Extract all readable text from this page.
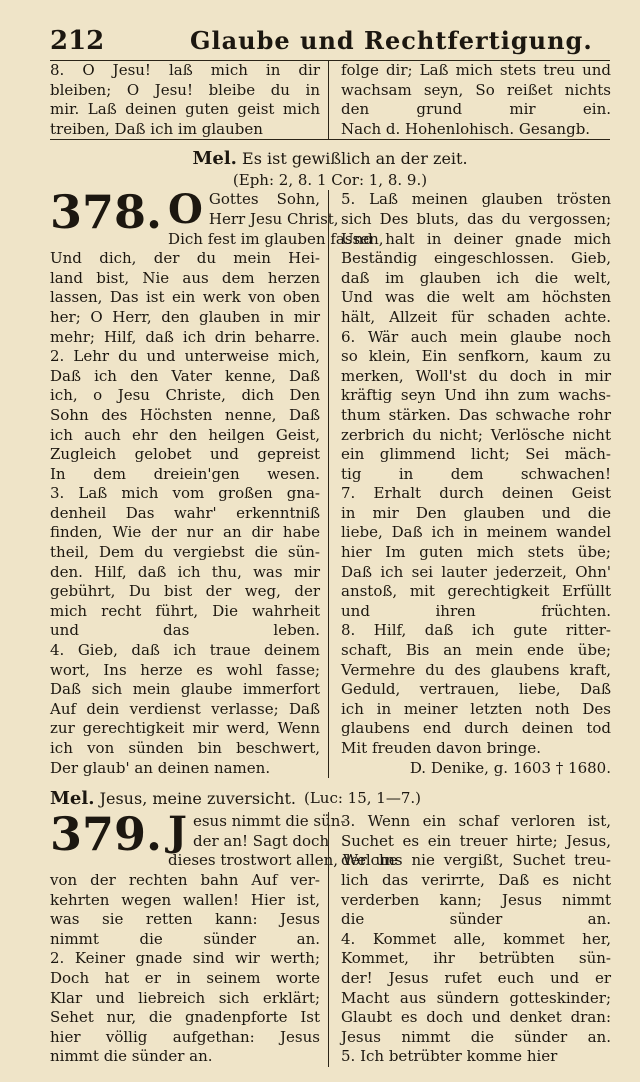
212	Glaube und Rechtfertigung.
8. O Jesu! laß mich in dir
bleiben; O Jesu! bleibe du in
mir. Laß deinen guten geist mich
treiben, Daß ich im glauben
folge dir; Laß mich stets treu und
wachsam seyn, So reißet nichts
den grund mir ein.
Nach d. Hohenlohisch. Gesangb.
Mel. Es ist gewißlich an der zeit.
(Eph: 2, 8. 1 Cor: 1, 8. 9.)
378. O Gottes Sohn,
Herr Jesu Christ,
Dich fest im glauben fassen,
Und dich, der du mein Hei-
land bist, Nie aus dem herzen
lassen, Das ist ein werk von oben
her; O Herr, den glauben in mir
mehr; Hilf, daß ich drin beharre.
2. Lehr du und unterweise mich,
Daß ich den Vater kenne, Daß
ich, o Jesu Christe, dich Den
Sohn des Höchsten nenne, Daß
ich auch ehr den heilgen Geist,
Zugleich gelobet und gepreist
In dem dreiein'gen wesen.
3. Laß mich vom großen gna-
denheil Das wahr' erkenntniß
finden, Wie der nur an dir habe
theil, Dem du vergiebst die sün-
den. Hilf, daß ich thu, was mir
gebührt, Du bist der weg, der
mich recht führt, Die wahrheit
und das leben.
4. Gieb, daß ich traue deinem
wort, Ins herze es wohl fasse;
Daß sich mein glaube immerfort
Auf dein verdienst verlasse; Daß
zur gerechtigkeit mir werd, Wenn
ich von sünden bin beschwert,
Der glaub' an deinen namen.
5. Laß meinen glauben trösten
sich Des bluts, das du vergossen;
Und halt in deiner gnade mich
Beständig eingeschlossen. Gieb,
daß im glauben ich die welt,
Und was die welt am höchsten
hält, Allzeit für schaden achte.
6. Wär auch mein glaube noch
so klein, Ein senfkorn, kaum zu
merken, Woll'st du doch in mir
kräftig seyn Und ihn zum wachs-
thum stärken. Das schwache rohr
zerbrich du nicht; Verlösche nicht
ein glimmend licht; Sei mäch-
tig in dem schwachen!
7. Erhalt durch deinen Geist
in mir Den glauben und die
liebe, Daß ich in meinem wandel
hier Im guten mich stets übe;
Daß ich sei lauter jederzeit, Ohn'
anstoß, mit gerechtigkeit Erfüllt
und ihren früchten.
8. Hilf, daß ich gute ritter-
schaft, Bis an mein ende übe;
Vermehre du des glaubens kraft,
Geduld, vertrauen, liebe, Daß
ich in meiner letzten noth Des
glaubens end durch deinen tod
Mit freuden davon bringe.
D. Denike, g. 1603 † 1680.
Mel. Jesus, meine zuversicht. (Luc: 15, 1—7.)
379. J esus nimmt die sün-
der an! Sagt doch
dieses trostwort allen, Welche
von der rechten bahn Auf ver-
kehrten wegen wallen! Hier ist,
was sie retten kann: Jesus
nimmt die sünder an.
2. Keiner gnade sind wir werth;
Doch hat er in seinem worte
Klar und liebreich sich erklärt;
Sehet nur, die gnadenpforte Ist
hier völlig aufgethan: Jesus
nimmt die sünder an.
3. Wenn ein schaf verloren ist,
Suchet es ein treuer hirte; Jesus,
der uns nie vergißt, Suchet treu-
lich das verirrte, Daß es nicht
verderben kann; Jesus nimmt
die sünder an.
4. Kommet alle, kommet her,
Kommet, ihr betrübten sün-
der! Jesus rufet euch und er
Macht aus sündern gotteskinder;
Glaubt es doch und denket dran:
Jesus nimmt die sünder an.
5. Ich betrübter komme hier
